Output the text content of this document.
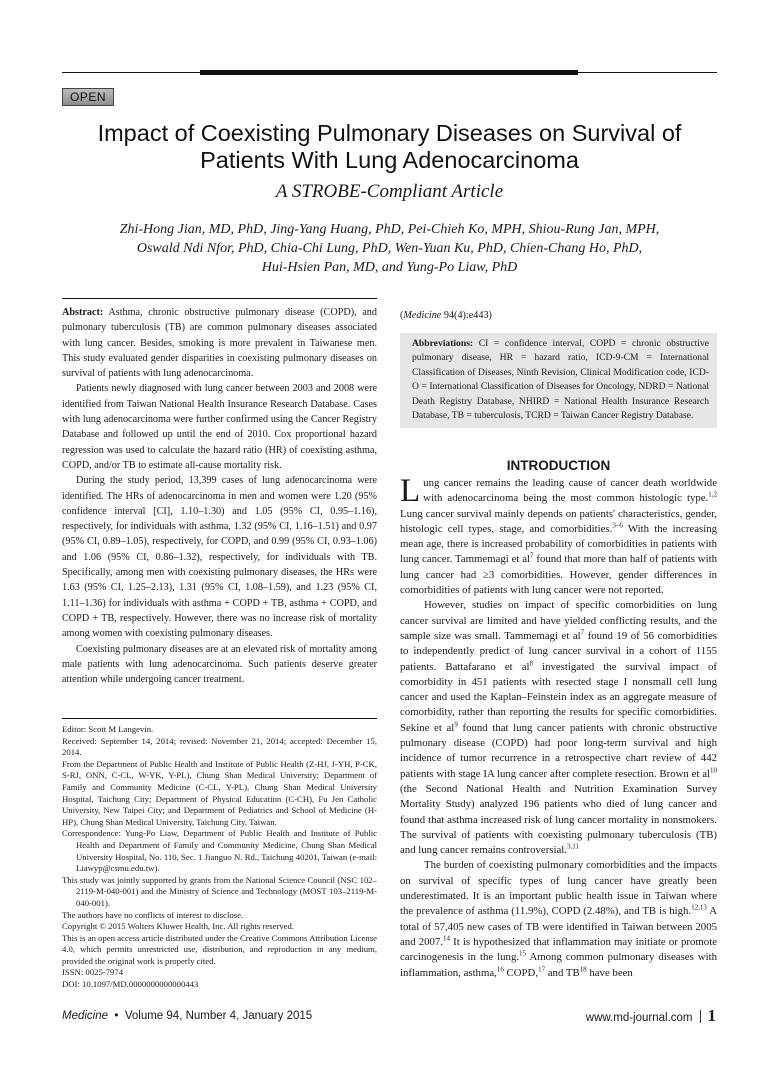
OPEN
Impact of Coexisting Pulmonary Diseases on Survival of Patients With Lung Adenocarcinoma
A STROBE-Compliant Article
Zhi-Hong Jian, MD, PhD, Jing-Yang Huang, PhD, Pei-Chieh Ko, MPH, Shiou-Rung Jan, MPH,
Oswald Ndi Nfor, PhD, Chia-Chi Lung, PhD, Wen-Yuan Ku, PhD, Chien-Chang Ho, PhD,
Hui-Hsien Pan, MD, and Yung-Po Liaw, PhD

Abstract: Asthma, chronic obstructive pulmonary disease (COPD), and pulmonary tuberculosis (TB) are common pulmonary diseases associated with lung cancer. Besides, smoking is more prevalent in Taiwanese men. This study evaluated gender disparities in coexisting pulmonary diseases on survival of patients with lung adenocarcinoma.

Patients newly diagnosed with lung cancer between 2003 and 2008 were identified from Taiwan National Health Insurance Research Database. Cases with lung adenocarcinoma were further confirmed using the Cancer Registry Database and followed up until the end of 2010. Cox proportional hazard regression was used to calculate the hazard ratio (HR) of coexisting asthma, COPD, and/or TB to estimate all-cause mortality risk.

During the study period, 13,399 cases of lung adenocarcinoma were identified. The HRs of adenocarcinoma in men and women were 1.20 (95% confidence interval [CI], 1.10–1.30) and 1.05 (95% CI, 0.95–1.16), respectively, for individuals with asthma, 1.32 (95% CI, 1.16–1.51) and 0.97 (95% CI, 0.89–1.05), respectively, for COPD, and 0.99 (95% CI, 0.93–1.06) and 1.06 (95% CI, 0.86–1.32), respectively, for individuals with TB. Specifically, among men with coexisting pulmonary diseases, the HRs were 1.63 (95% CI, 1.25–2.13), 1.31 (95% CI, 1.08–1.59), and 1.23 (95% CI, 1.11–1.36) for individuals with asthma + COPD + TB, asthma + COPD, and COPD + TB, respectively. However, there was no increase risk of mortality among women with coexisting pulmonary diseases.

Coexisting pulmonary diseases are at an elevated risk of mortality among male patients with lung adenocarcinoma. Such patients deserve greater attention while undergoing cancer treatment.

Editor: Scott M Langevin.

Received: September 14, 2014; revised: November 21, 2014; accepted: December 15, 2014.

From the Department of Public Health and Institute of Public Health (Z-HJ, J-YH, P-CK, S-RJ, ONN, C-CL, W-YK, Y-PL), Chung Shan Medical University; Department of Family and Community Medicine (C-CL, Y-PL), Chung Shan Medical University Hospital, Taichung City; Department of Physical Education (C-CH), Fu Jen Catholic University, New Taipei City; and Department of Pediatrics and School of Medicine (H-HP), Chung Shan Medical University, Taichung City, Taiwan.

Correspondence: Yung-Po Liaw, Department of Public Health and Institute of Public Health and Department of Family and Community Medicine, Chung Shan Medical University Hospital, No. 110, Sec. 1 Jianguo N. Rd., Taichung 40201, Taiwan (e-mail: Liawyp@csmu.edu.tw).

This study was jointly supported by grants from the National Science Council (NSC 102–2119-M-040-001) and the Ministry of Science and Technology (MOST 103–2119-M-040-001).

The authors have no conflicts of interest to disclose.

Copyright © 2015 Wolters Kluwer Health, Inc. All rights reserved.

This is an open access article distributed under the Creative Commons Attribution License 4.0, which permits unrestricted use, distribution, and reproduction in any medium, provided the original work is properly cited.

ISSN: 0025-7974

DOI: 10.1097/MD.0000000000000443

(Medicine 94(4):e443)
Abbreviations: CI = confidence interval, COPD = chronic obstructive pulmonary disease, HR = hazard ratio, ICD-9-CM = International Classification of Diseases, Ninth Revision, Clinical Modification code, ICD-O = International Classification of Diseases for Oncology, NDRD = National Death Registry Database, NHIRD = National Health Insurance Research Database, TB = tuberculosis, TCRD = Taiwan Cancer Registry Database.
INTRODUCTION

Lung cancer remains the leading cause of cancer death worldwide with adenocarcinoma being the most common histologic type.$^{1,2}$ Lung cancer survival mainly depends on patients' characteristics, gender, histologic cell types, stage, and comorbidities.$^{3-6}$ With the increasing mean age, there is increased probability of comorbidities in patients with lung cancer. Tammemagi et $al^7$ found that more than half of patients with lung cancer had ≥3 comorbidities. However, gender differences in comorbidities of patients with lung cancer were not reported.

However, studies on impact of specific comorbidities on lung cancer survival are limited and have yielded conflicting results, and the sample size was small. Tammemagi et $al^7$ found 19 of 56 comorbidities to independently predict of lung cancer survival in a cohort of 1155 patients. Battafarano et $al^8$ investigated the survival impact of comorbidity in 451 patients with resected stage I nonsmall cell lung cancer and used the Kaplan–Feinstein index as an aggregate measure of comorbidity, rather than reporting the results for specific comorbidities. Sekine et $al^9$ found that lung cancer patients with chronic obstructive pulmonary disease (COPD) had poor long-term survival and high incidence of tumor recurrence in a retrospective chart review of 442 patients with stage IA lung cancer after complete resection. Brown et $al^{10}$ (the Second National Health and Nutrition Examination Survey Mortality Study) analyzed 196 patients who died of lung cancer and found that asthma increased risk of lung cancer mortality in nonsmokers. The survival of patients with coexisting pulmonary tuberculosis (TB) and lung cancer remains controversial.$^{3,11}$

The burden of coexisting pulmonary comorbidities and the impacts on survival of specific types of lung cancer have greatly been underestimated. It is an important public health issue in Taiwan where the prevalence of asthma (11.9%), COPD (2.48%), and TB is high.$^{12,13}$ A total of 57,405 new cases of TB were identified in Taiwan between 2005 and 2007.14 It is hypothesized that inflammation may initiate or promote carcinogenesis in the lung.$^{15}$ Among common pulmonary diseases with inflammation, asthma,$^{16}$ COPD,$^{17}$ and TB$^{18}$ have been

Medicine • Volume 94, Number 4, January 2015	www.md-journal.com 1
